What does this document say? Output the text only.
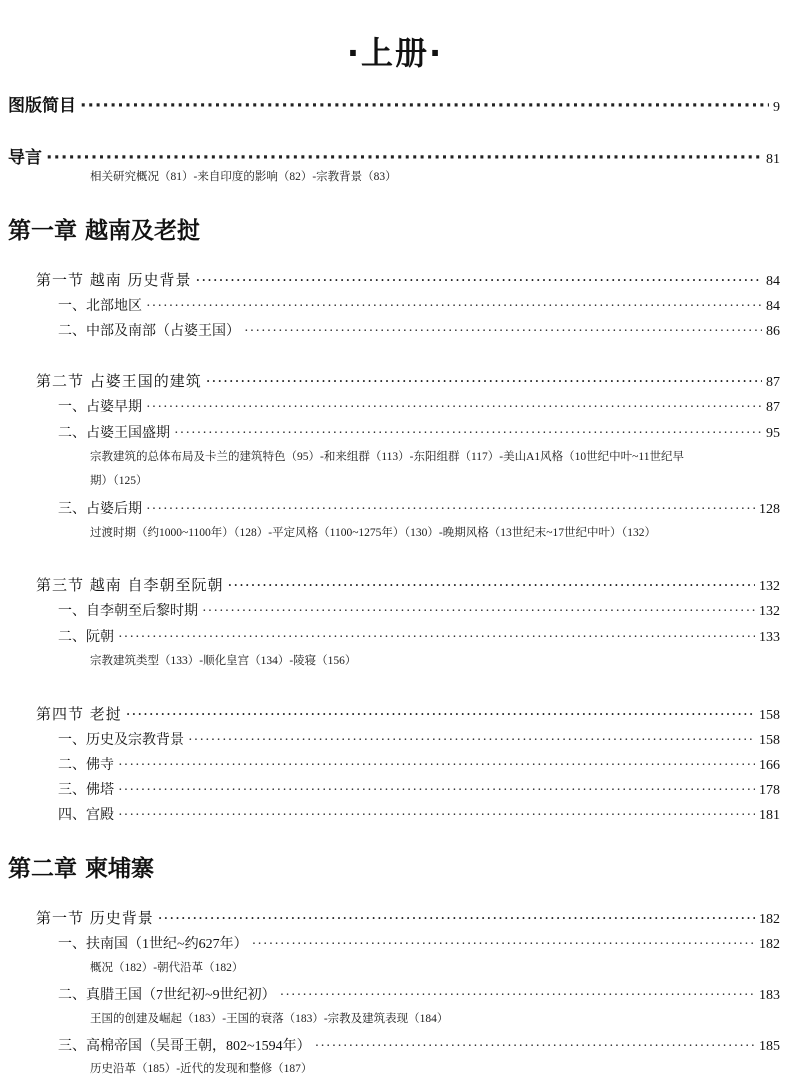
·上册·
图版简目 ·····	9
导言 ·····	81
相关研究概况（81）-来自印度的影响（82）-宗教背景（83）
第一章 越南及老挝
第一节 越南 历史背景 ·····	84
一、北部地区 ·····	84
二、中部及南部（占婆王国） ·····	86
第二节 占婆王国的建筑 ·····	87
一、占婆早期 ·····	87
二、占婆王国盛期 ·····	95
宗教建筑的总体布局及卡兰的建筑特色（95）-和来组群（113）-东阳组群（117）-美山A1风格（10世纪中叶~11世纪早
期）（125）
三、占婆后期 ·····	128
过渡时期（约1000~1100年）（128）-平定风格（1100~1275年）（130）-晚期风格（13世纪末~17世纪中叶）（132）
第三节 越南 自李朝至阮朝 ·····	132
一、自李朝至后黎时期 ·····	132
二、阮朝 ·····	133
宗教建筑类型（133）-顺化皇宫（134）-陵寝（156）
第四节 老挝 ·····	158
一、历史及宗教背景 ·····	158
二、佛寺 ·····	166
三、佛塔 ·····	178
四、宫殿 ·····	181
第二章 柬埔寨
第一节 历史背景 ·····	182
一、扶南国（1世纪~约627年） ·····	182
概况（182）-朝代沿革（182）
二、真腊王国（7世纪初~9世纪初） ·····	183
王国的创建及崛起（183）-王国的衰落（183）-宗教及建筑表现（184）
三、高棉帝国（吴哥王朝，802~1594年） ·····	185
历史沿革（185）-近代的发现和整修（187）
